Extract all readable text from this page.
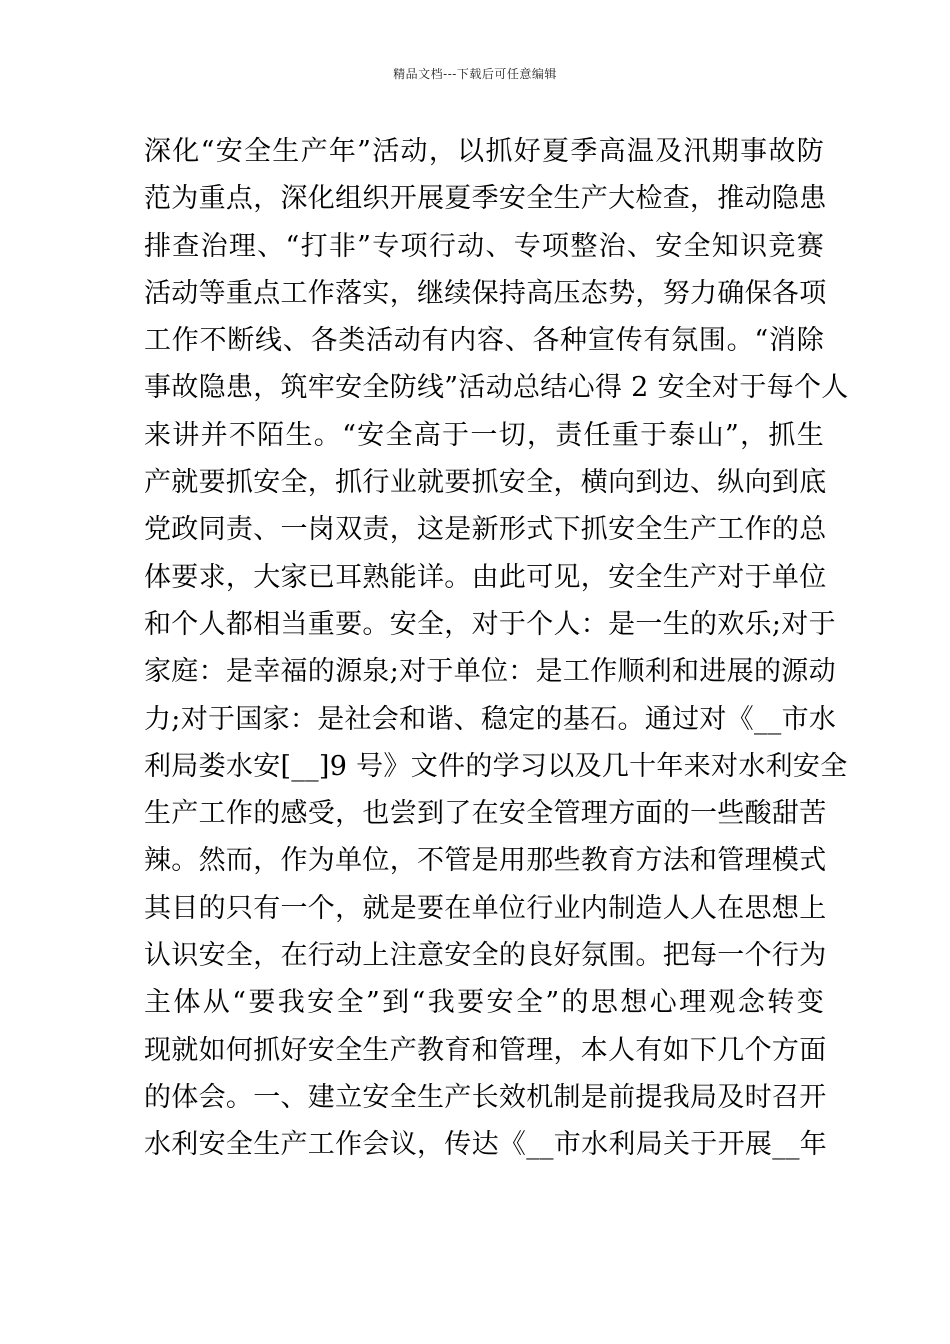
精品文档---下载后可任意编辑
深化“安全生产年”活动，以抓好夏季高温及汛期事故防
范为重点，深化组织开展夏季安全生产大检查，推动隐患
排查治理、“打非”专项行动、专项整治、安全知识竞赛
活动等重点工作落实，继续保持高压态势，努力确保各项
工作不断线、各类活动有内容、各种宣传有氛围。“消除
事故隐患，筑牢安全防线”活动总结心得 2 安全对于每个人
来讲并不陌生。“安全高于一切，责任重于泰山”，抓生
产就要抓安全，抓行业就要抓安全，横向到边、纵向到底
党政同责、一岗双责，这是新形式下抓安全生产工作的总
体要求，大家已耳熟能详。由此可见，安全生产对于单位
和个人都相当重要。安全，对于个人：是一生的欢乐;对于
家庭：是幸福的源泉;对于单位：是工作顺利和进展的源动
力;对于国家：是社会和谐、稳定的基石。通过对《__市水
利局娄水安[__]9 号》文件的学习以及几十年来对水利安全
生产工作的感受，也尝到了在安全管理方面的一些酸甜苦
辣。然而，作为单位，不管是用那些教育方法和管理模式
其目的只有一个，就是要在单位行业内制造人人在思想上
认识安全，在行动上注意安全的良好氛围。把每一个行为
主体从“要我安全”到“我要安全”的思想心理观念转变
现就如何抓好安全生产教育和管理，本人有如下几个方面
的体会。一、建立安全生产长效机制是前提我局及时召开
水利安全生产工作会议，传达《__市水利局关于开展__年
